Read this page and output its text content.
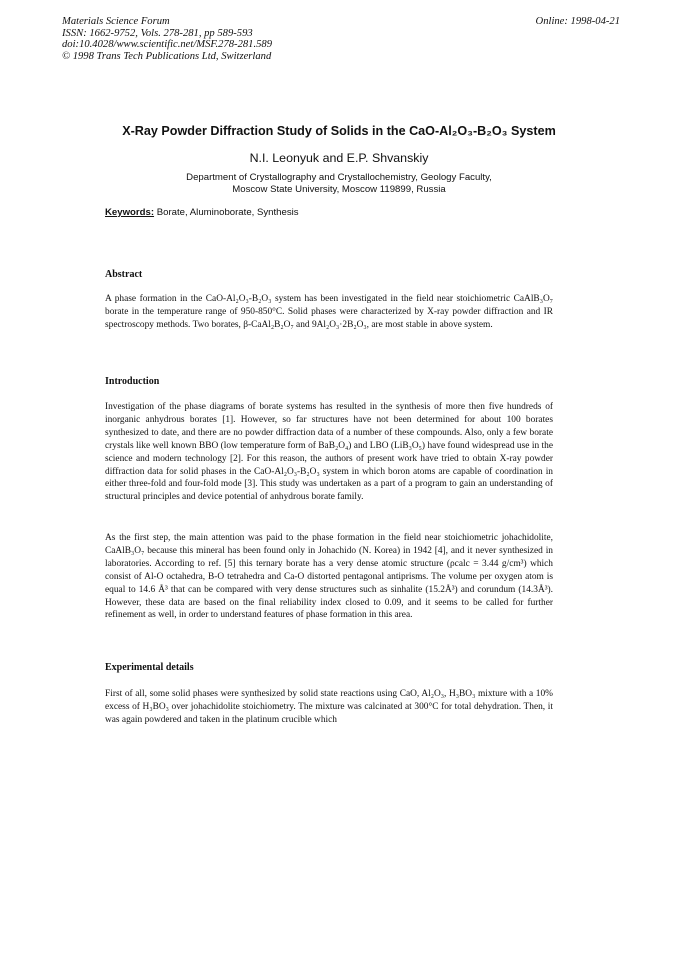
Materials Science Forum
ISSN: 1662-9752, Vols. 278-281, pp 589-593
doi:10.4028/www.scientific.net/MSF.278-281.589
© 1998 Trans Tech Publications Ltd, Switzerland
Online: 1998-04-21
X-Ray Powder Diffraction Study of Solids in the CaO-Al₂O₃-B₂O₃ System
N.I. Leonyuk and E.P. Shvanskiy
Department of Crystallography and Crystallochemistry, Geology Faculty,
Moscow State University, Moscow 119899, Russia
Keywords: Borate, Aluminoborate, Synthesis
Abstract
A phase formation in the CaO-Al₂O₃-B₂O₃ system has been investigated in the field near stoichiometric CaAlB₃O₇ borate in the temperature range of 950-850°C. Solid phases were characterized by X-ray powder diffraction and IR spectroscopy methods. Two borates, β-CaAl₂B₂O₇ and 9Al₂O₃·2B₂O₃, are most stable in above system.
Introduction
Investigation of the phase diagrams of borate systems has resulted in the synthesis of more then five hundreds of inorganic anhydrous borates [1]. However, so far structures have not been determined for about 100 borates synthesized to date, and there are no powder diffraction data of a number of these compounds. Also, only a few borate crystals like well known BBO (low temperature form of BaB₂O₄) and LBO (LiB₃O₅) have found widespread use in the science and modern technology [2]. For this reason, the authors of present work have tried to obtain X-ray powder diffraction data for solid phases in the CaO-Al₂O₃-B₂O₃ system in which boron atoms are capable of coordination in either three-fold and four-fold mode [3]. This study was undertaken as a part of a program to gain an understanding of structural principles and device potential of anhydrous borate family.
As the first step, the main attention was paid to the phase formation in the field near stoichiometric johachidolite, CaAlB₃O₇ because this mineral has been found only in Johachido (N. Korea) in 1942 [4], and it never synthesized in laboratories. According to ref. [5] this ternary borate has a very dense atomic structure (ρcalc = 3.44 g/cm³) which consist of Al-O octahedra, B-O tetrahedra and Ca-O distorted pentagonal antiprisms. The volume per oxygen atom is equal to 14.6 Å³ that can be compared with very dense structures such as sinhalite (15.2Å³) and corundum (14.3Å³). However, these data are based on the final reliability index closed to 0.09, and it seems to be called for further refinement as well, in order to understand features of phase formation in this area.
Experimental details
First of all, some solid phases were synthesized by solid state reactions using CaO, Al₂O₃, H₃BO₃ mixture with a 10% excess of H₃BO₃ over johachidolite stoichiometry. The mixture was calcinated at 300°C for total dehydration. Then, it was again powdered and taken in the platinum crucible which
